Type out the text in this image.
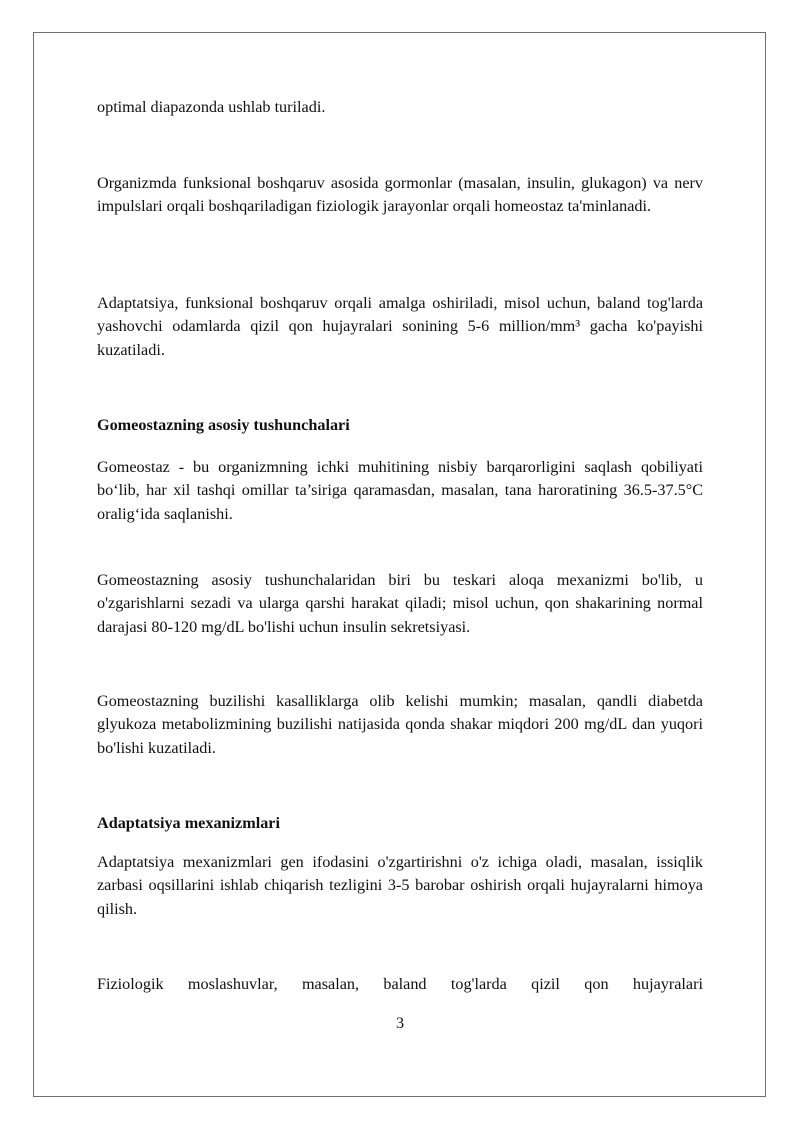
optimal diapazonda ushlab turiladi.

Organizmda funksional boshqaruv asosida gormonlar (masalan, insulin, glukagon) va nerv impulslari orqali boshqariladigan fiziologik jarayonlar orqali homeostaz ta'minlanadi.

Adaptatsiya, funksional boshqaruv orqali amalga oshiriladi, misol uchun, baland tog'larda yashovchi odamlarda qizil qon hujayralari sonining 5-6 million/mm³ gacha ko'payishi kuzatiladi.

Gomeostazning asosiy tushunchalari

Gomeostaz - bu organizmning ichki muhitining nisbiy barqarorligini saqlash qobiliyati bo‘lib, har xil tashqi omillar ta’siriga qaramasdan, masalan, tana haroratining 36.5-37.5°C oralig‘ida saqlanishi.

Gomeostazning asosiy tushunchalaridan biri bu teskari aloqa mexanizmi bo'lib, u o'zgarishlarni sezadi va ularga qarshi harakat qiladi; misol uchun, qon shakarining normal darajasi 80-120 mg/dL bo'lishi uchun insulin sekretsiyasi.

Gomeostazning buzilishi kasalliklarga olib kelishi mumkin; masalan, qandli diabetda glyukoza metabolizmining buzilishi natijasida qonda shakar miqdori 200 mg/dL dan yuqori bo'lishi kuzatiladi.

Adaptatsiya mexanizmlari

Adaptatsiya mexanizmlari gen ifodasini o'zgartirishni o'z ichiga oladi, masalan, issiqlik zarbasi oqsillarini ishlab chiqarish tezligini 3-5 barobar oshirish orqali hujayralarni himoya qilish.

Fiziologik moslashuvlar, masalan, baland tog'larda qizil qon hujayralari

3
